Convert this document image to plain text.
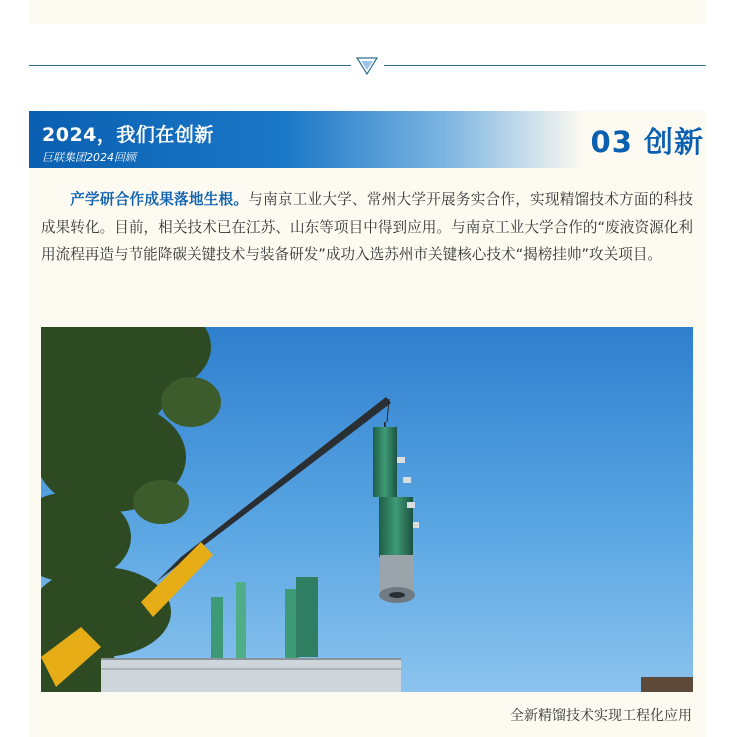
2024，我们在创新
巨联集团2024回顾	03 创新

产学研合作成果落地生根。与南京工业大学、常州大学开展务实合作，实现精馏技术方面的科技成果转化。目前，相关技术已在江苏、山东等项目中得到应用。与南京工业大学合作的“废液资源化利用流程再造与节能降碳关键技术与装备研发”成功入选苏州市关键核心技术“揭榜挂帅”攻关项目。

全新精馏技术实现工程化应用
